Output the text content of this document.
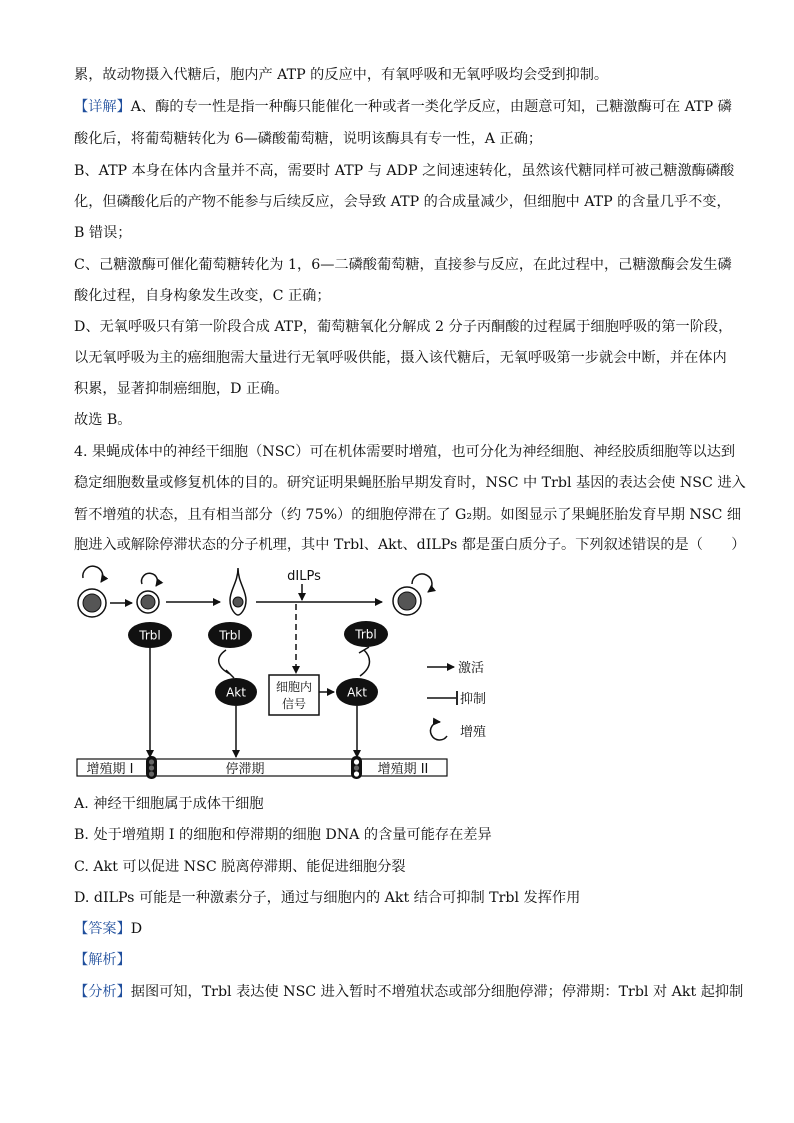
累，故动物摄入代糖后，胞内产 ATP 的反应中，有氧呼吸和无氧呼吸均会受到抑制。
【详解】A、酶的专一性是指一种酶只能催化一种或者一类化学反应，由题意可知，己糖激酶可在 ATP 磷
酸化后，将葡萄糖转化为 6—磷酸葡萄糖，说明该酶具有专一性，A 正确；
B、ATP 本身在体内含量并不高，需要时 ATP 与 ADP 之间速速转化，虽然该代糖同样可被己糖激酶磷酸
化，但磷酸化后的产物不能参与后续反应，会导致 ATP 的合成量减少，但细胞中 ATP 的含量几乎不变，
B 错误；
C、己糖激酶可催化葡萄糖转化为 1，6—二磷酸葡萄糖，直接参与反应，在此过程中，己糖激酶会发生磷
酸化过程，自身构象发生改变，C 正确；
D、无氧呼吸只有第一阶段合成 ATP，葡萄糖氧化分解成 2 分子丙酮酸的过程属于细胞呼吸的第一阶段，
以无氧呼吸为主的癌细胞需大量进行无氧呼吸供能，摄入该代糖后，无氧呼吸第一步就会中断，并在体内
积累，显著抑制癌细胞，D 正确。
故选 B。
4. 果蝇成体中的神经干细胞（NSC）可在机体需要时增殖，也可分化为神经细胞、神经胶质细胞等以达到
稳定细胞数量或修复机体的目的。研究证明果蝇胚胎早期发育时，NSC 中 Trbl 基因的表达会使 NSC 进入
暂不增殖的状态，且有相当部分（约 75%）的细胞停滞在了 G₂期。如图显示了果蝇胚胎发育早期 NSC 细
胞进入或解除停滞状态的分子机理，其中 Trbl、Akt、dILPs 都是蛋白质分子。下列叙述错误的是（　　）
dILPs
Trbl	Trbl	Trbl
Akt	Akt
细胞内
信号
激活
抑制
增殖
增殖期 I	停滞期	增殖期 II
A. 神经干细胞属于成体干细胞
B. 处于增殖期 I 的细胞和停滞期的细胞 DNA 的含量可能存在差异
C. Akt 可以促进 NSC 脱离停滞期、能促进细胞分裂
D. dILPs 可能是一种激素分子，通过与细胞内的 Akt 结合可抑制 Trbl 发挥作用
【答案】D
【解析】
【分析】据图可知，Trbl 表达使 NSC 进入暂时不增殖状态或部分细胞停滞；停滞期：Trbl 对 Akt 起抑制
